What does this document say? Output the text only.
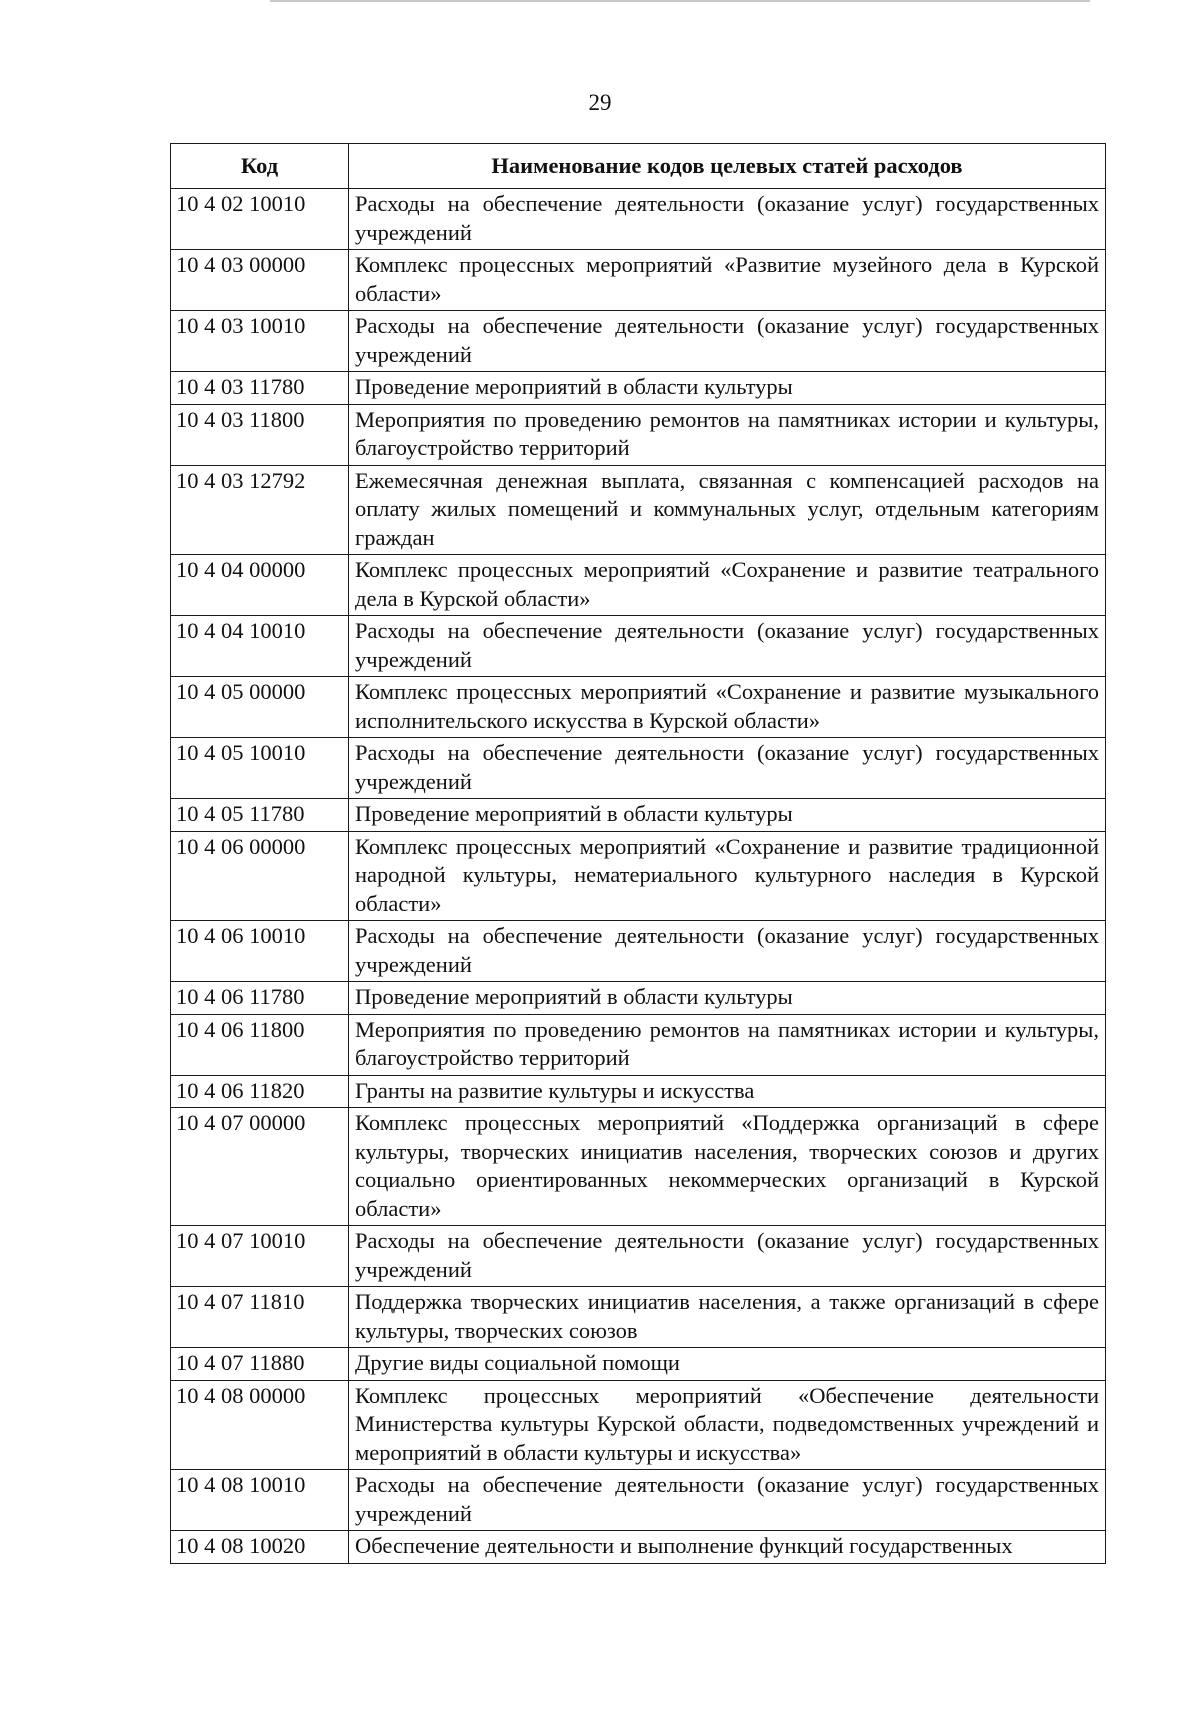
29
Код	Наименование кодов целевых статей расходов
10 4 02 10010	Расходы на обеспечение деятельности (оказание услуг) государственных учреждений
10 4 03 00000	Комплекс процессных мероприятий «Развитие музейного дела в Курской области»
10 4 03 10010	Расходы на обеспечение деятельности (оказание услуг) государственных учреждений
10 4 03 11780	Проведение мероприятий в области культуры
10 4 03 11800	Мероприятия по проведению ремонтов на памятниках истории и культуры, благоустройство территорий
10 4 03 12792	Ежемесячная денежная выплата, связанная с компенсацией расходов на оплату жилых помещений и коммунальных услуг, отдельным категориям граждан
10 4 04 00000	Комплекс процессных мероприятий «Сохранение и развитие театрального дела в Курской области»
10 4 04 10010	Расходы на обеспечение деятельности (оказание услуг) государственных учреждений
10 4 05 00000	Комплекс процессных мероприятий «Сохранение и развитие музыкального исполнительского искусства в Курской области»
10 4 05 10010	Расходы на обеспечение деятельности (оказание услуг) государственных учреждений
10 4 05 11780	Проведение мероприятий в области культуры
10 4 06 00000	Комплекс процессных мероприятий «Сохранение и развитие традиционной народной культуры, нематериального культурного наследия в Курской области»
10 4 06 10010	Расходы на обеспечение деятельности (оказание услуг) государственных учреждений
10 4 06 11780	Проведение мероприятий в области культуры
10 4 06 11800	Мероприятия по проведению ремонтов на памятниках истории и культуры, благоустройство территорий
10 4 06 11820	Гранты на развитие культуры и искусства
10 4 07 00000	Комплекс процессных мероприятий «Поддержка организаций в сфере культуры, творческих инициатив населения, творческих союзов и других социально ориентированных некоммерческих организаций в Курской области»
10 4 07 10010	Расходы на обеспечение деятельности (оказание услуг) государственных учреждений
10 4 07 11810	Поддержка творческих инициатив населения, а также организаций в сфере культуры, творческих союзов
10 4 07 11880	Другие виды социальной помощи
10 4 08 00000	Комплекс процессных мероприятий «Обеспечение деятельности Министерства культуры Курской области, подведомственных учреждений и мероприятий в области культуры и искусства»
10 4 08 10010	Расходы на обеспечение деятельности (оказание услуг) государственных учреждений
10 4 08 10020	Обеспечение деятельности и выполнение функций государственных
